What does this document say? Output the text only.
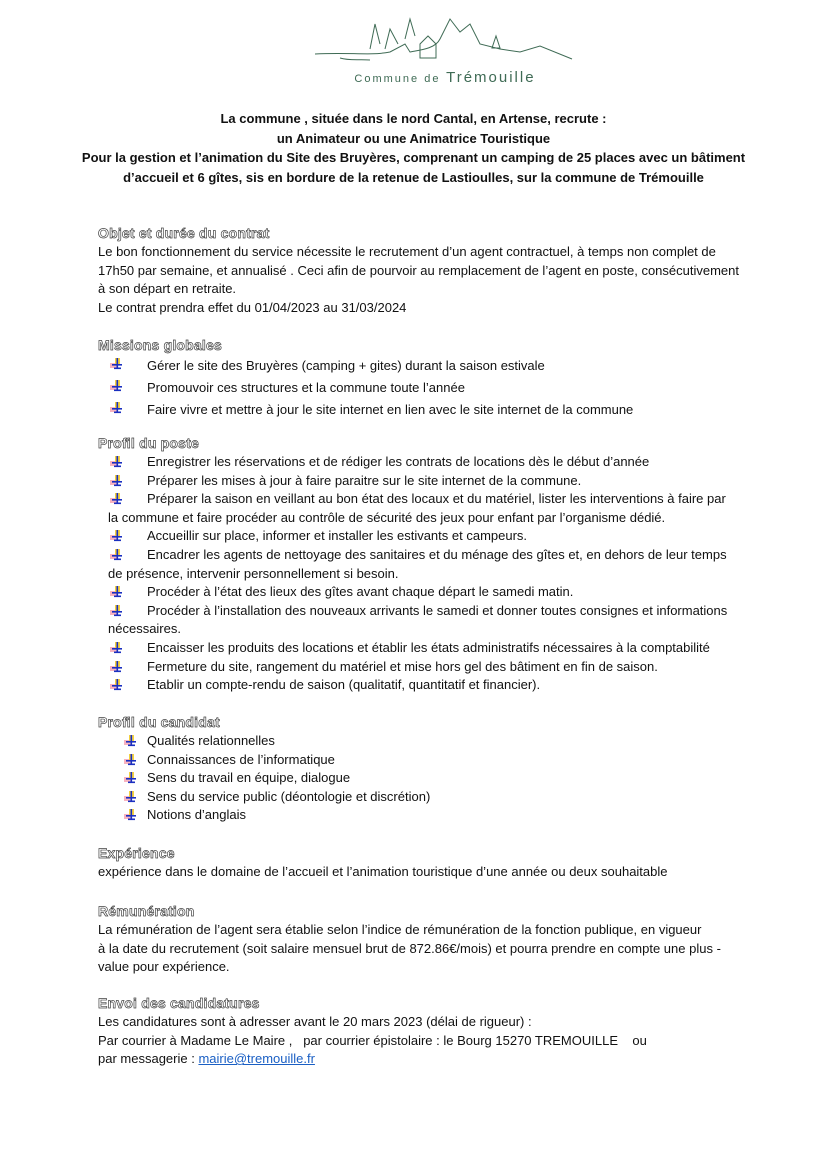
Commune de Trémouille
La commune , située dans le nord Cantal, en Artense, recrute :
un Animateur ou une Animatrice Touristique
Pour la gestion et l’animation du Site des Bruyères, comprenant un camping de 25 places avec un bâtiment
d’accueil et 6 gîtes, sis en bordure de la retenue de Lastioulles, sur la commune de Trémouille
Objet et durée du contrat
Le bon fonctionnement du service nécessite le recrutement d’un agent contractuel, à temps non complet de
17h50 par semaine, et annualisé . Ceci afin de pourvoir au remplacement de l’agent en poste, consécutivement
à son départ en retraite.
Le contrat prendra effet du 01/04/2023 au 31/03/2024
Missions globales
Gérer le site des Bruyères (camping + gites) durant la saison estivale
Promouvoir ces structures et la commune toute l’année
Faire vivre et mettre à jour le site internet en lien avec le site internet de la commune
Profil du poste
Enregistrer les réservations et de rédiger les contrats de locations dès le début d’année
Préparer les mises à jour à faire paraitre sur le site internet de la commune.
Préparer la saison en veillant au bon état des locaux et du matériel, lister les interventions à faire par
la commune et faire procéder au contrôle de sécurité des jeux pour enfant par l’organisme dédié.
Accueillir sur place, informer et installer les estivants et campeurs.
Encadrer les agents de nettoyage des sanitaires et du ménage des gîtes et, en dehors de leur temps
de présence, intervenir personnellement si besoin.
Procéder à l’état des lieux des gîtes avant chaque départ le samedi matin.
Procéder à l’installation des nouveaux arrivants le samedi et donner toutes consignes et informations
nécessaires.
Encaisser les produits des locations et établir les états administratifs nécessaires à la comptabilité
Fermeture du site, rangement du matériel et mise hors gel des bâtiment en fin de saison.
Etablir un compte-rendu de saison (qualitatif, quantitatif et financier).
Profil du candidat
Qualités relationnelles
Connaissances de l’informatique
Sens du travail en équipe, dialogue
Sens du service public (déontologie et discrétion)
Notions d’anglais
Expérience
expérience dans le domaine de l’accueil et l’animation touristique d’une année ou deux souhaitable
Rémunération
La rémunération de l’agent sera établie selon l’indice de rémunération de la fonction publique, en vigueur
à la date du recrutement (soit salaire mensuel brut de 872.86€/mois) et pourra prendre en compte une plus -
value pour expérience.
Envoi des candidatures
Les candidatures sont à adresser avant le 20 mars 2023 (délai de rigueur) :
Par courrier à Madame Le Maire ,   par courrier épistolaire : le Bourg 15270 TREMOUILLE    ou
par messagerie : mairie@tremouille.fr
